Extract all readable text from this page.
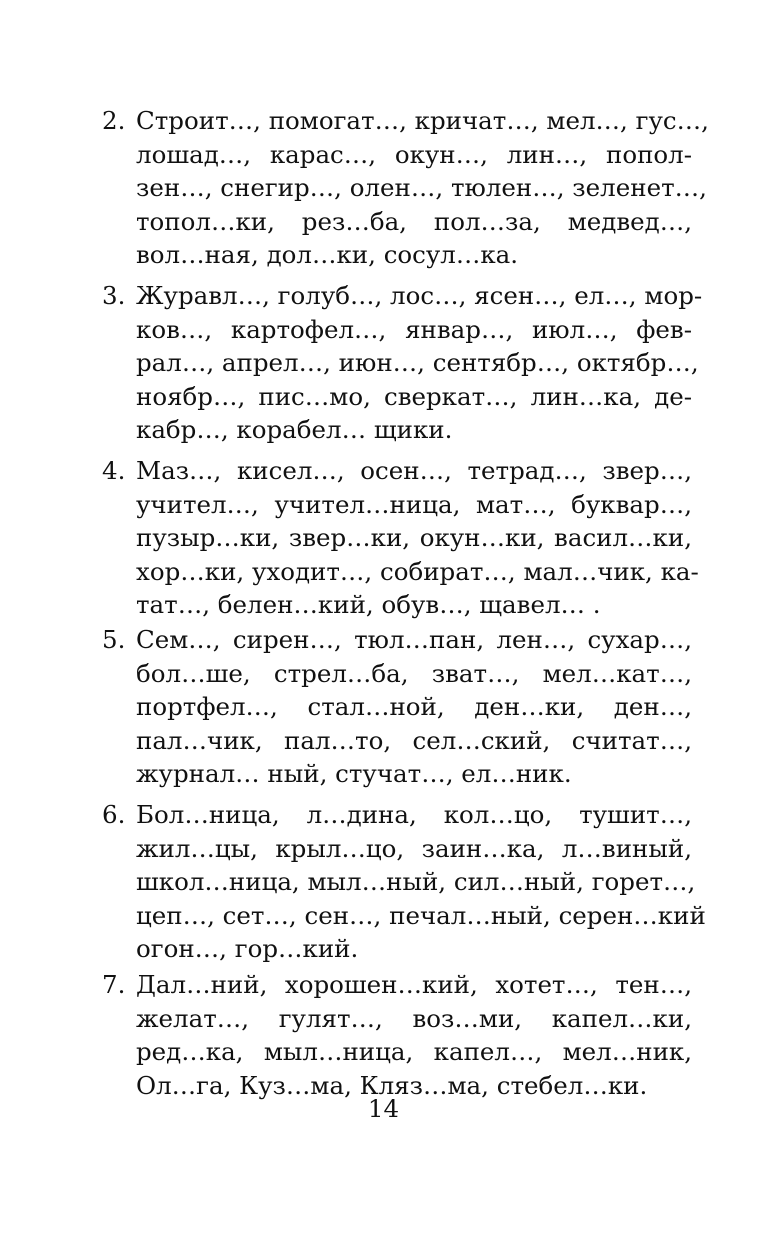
2. Строит…, помогат…, кричат…, мел…, гус…,
лошад…, карас…, окун…, лин…, попол-
зен…, снегир…, олен…, тюлен…, зеленет…,
топол…ки, рез…ба, пол…за, медвед…,
вол…ная, дол…ки, сосул…ка.
3. Журавл…, голуб…, лос…, ясен…, ел…, мор-
ков…, картофел…, январ…, июл…, фев-
рал…, апрел…, июн…, сентябр…, октябр…,
ноябр…, пис…мо, сверкат…, лин…ка, де-
кабр…, корабел… щики.
4. Маз…, кисел…, осен…, тетрад…, звер…,
учител…, учител…ница, мат…, буквар…,
пузыр…ки, звер…ки, окун…ки, васил…ки,
хор…ки, уходит…, собират…, мал…чик, ка-
тат…, белен…кий, обув…, щавел… .
5. Сем…, сирен…, тюл…пан, лен…, сухар…,
бол…ше, стрел…ба, зват…, мел…кат…,
портфел…, стал…ной, ден…ки, ден…,
пал…чик, пал…то, сел…ский, считат…,
журнал… ный, стучат…, ел…ник.
6. Бол…ница, л…дина, кол…цо, тушит…,
жил…цы, крыл…цо, заин…ка, л…виный,
школ…ница, мыл…ный, сил…ный, горет…,
цеп…, сет…, сен…, печал…ный, серен…кий
огон…, гор…кий.
7. Дал…ний, хорошен…кий, хотет…, тен…,
желат…, гулят…, воз…ми, капел…ки,
ред…ка, мыл…ница, капел…, мел…ник,
Ол…га, Куз…ма, Кляз…ма, стебел…ки.
14
